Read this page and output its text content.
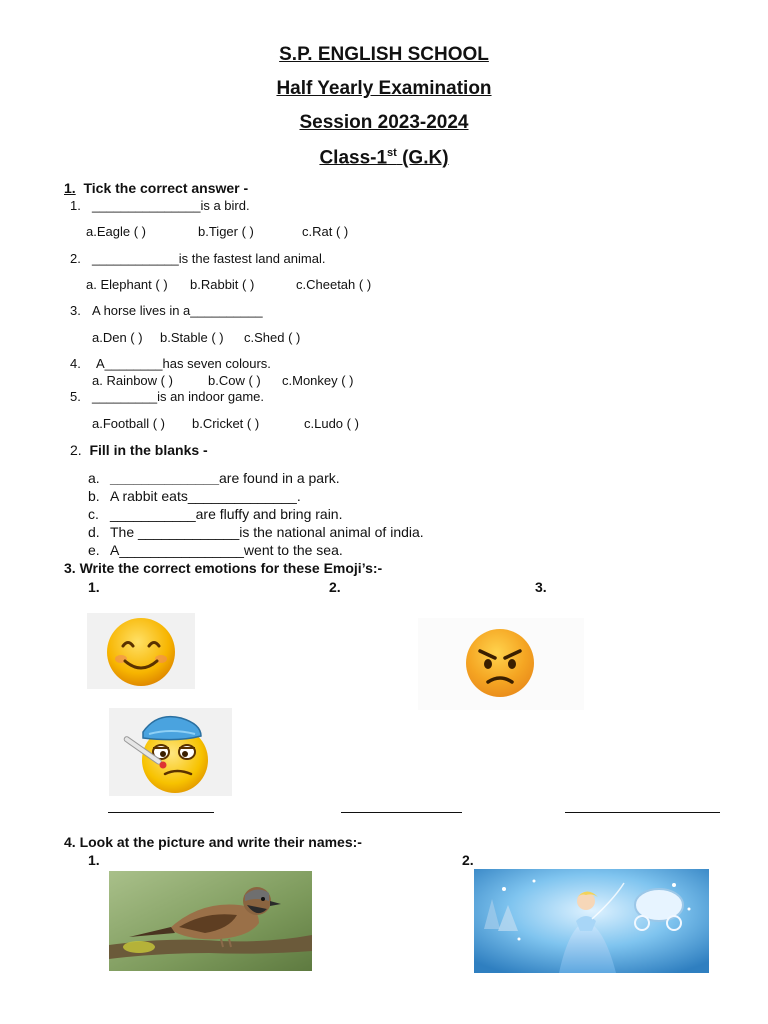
S.P. ENGLISH SCHOOL
Half Yearly Examination
Session 2023-2024
Class-1st (G.K)
1. Tick the correct answer -
1. _______________is a bird.
a.Eagle ( )	b.Tiger ( )	c.Rat ( )
2. ____________is the fastest land animal.
a. Elephant ( ) b.Rabbit ( )	c.Cheetah ( )
3. A horse lives in a__________
a.Den ( ) b.Stable ( ) c.Shed ( )
4. A________has seven colours.
a. Rainbow ( )	b.Cow ( ) c.Monkey ( )
5. _________is an indoor game.
a.Football ( ) b.Cricket ( )	c.Ludo ( )
2. Fill in the blanks -
a. ______________are found in a park.
b. A rabbit eats______________.
c. ___________are fluffy and bring rain.
d. The _____________is the national animal of india.
e. A________________went to the sea.
3. Write the correct emotions for these Emoji’s:-
1.	2.	3.
4. Look at the picture and write their names:-
1.	2.
